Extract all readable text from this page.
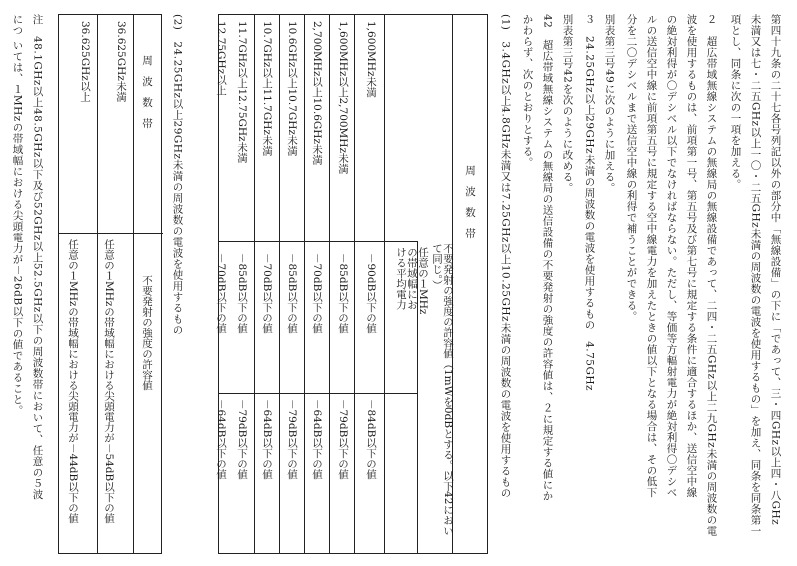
第四十九条の二十七各号列記以外の部分中「無線設備」の下に「であって、三・四GHz以上四・八GHz
未満又は七・二五GHz以上一〇・二五GHz未満の周波数の電波を使用するもの」を加え、同条を同条第一
項とし、同条に次の一項を加える。
２　超広帯域無線システムの無線局の無線設備であって、二四・二五GHz以上二九GHz未満の周波数の電
波を使用するものは、前項第一号、第五号及び第七号に規定する条件に適合するほか、送信空中線
の絶対利得が〇デシベル以下でなければならない。ただし、等価等方輻射電力が絶対利得〇デシベ
ルの送信空中線に前項第五号に規定する空中線電力を加えたときの値以下となる場合は、その低下
分を二〇デシベルまで送信空中線の利得で補うことができる。
別表第三号49に次のように加える。
３　24.25GHz以上29GHz未満の周波数の電波を使用するもの　4.75GHz
別表第三号42を次のように改める。
42　超広帯域無線システムの無線局の送信設備の不要発射の強度の許容値は、２に規定する値にか
かわらず、次のとおりとする。
(1)　3.4GHz以上4.8GHz未満又は7.25GHz以上10.25GHz未満の周波数の電波を使用するもの
周　波　数　帯
不要発射の強度の許容値（1mWを0dBとする。以下42において同じ。）
任意の１MHzの帯域幅における平均電力
1,600MHz未満
－90dB以下の値
－84dB以下の値
1,600MHz以上2,700MHz未満
－85dB以下の値
－79dB以下の値
2,700MHz以上10.6GHz未満
－70dB以下の値
－64dB以下の値
10.6GHz以上10.7GHz未満
－85dB以下の値
－79dB以下の値
10.7GHz以上11.7GHz未満
－70dB以下の値
－64dB以下の値
11.7GHz以上12.75GHz未満
－85dB以下の値
－79dB以下の値
12.75GHz以上
－70dB以下の値
－64dB以下の値
(2)　24.25GHz以上29GHz未満の周波数の電波を使用するもの
周　波　数　帯
不要発射の強度の許容値
36.625GHz未満
任意の１MHzの帯域幅における尖頭電力が－54dB以下の値
36.625GHz以上
任意の１MHzの帯域幅における尖頭電力が－44dB以下の値
注　48.1GHz以上48.5GHz以下及び52GHz以上52.5GHz以下の周波数帯において、任意の５波
につ いては、１MHzの帯域幅における尖頭電力が－26dB以下の値であること。
